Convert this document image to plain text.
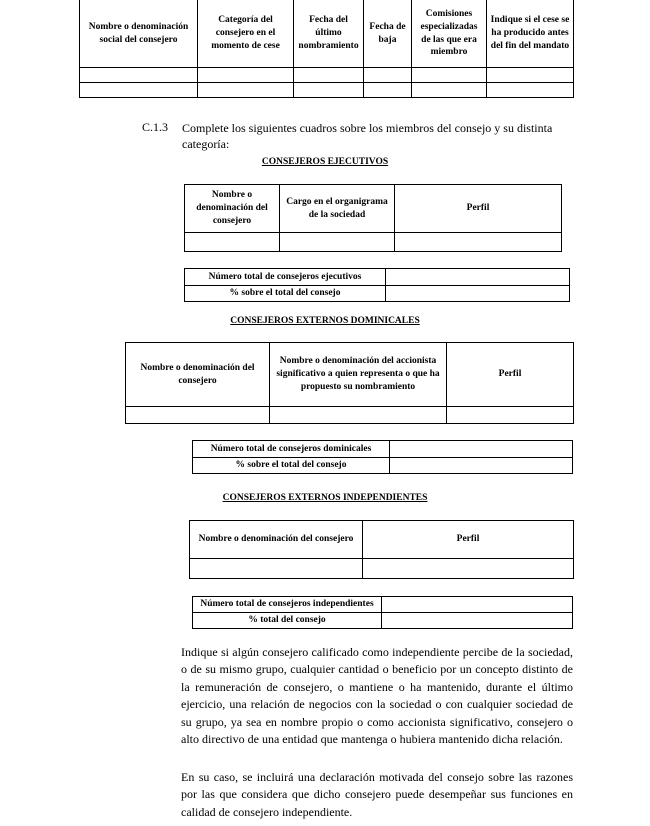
Nombre o denominación social del consejero	Categoría del consejero en el momento de cese	Fecha del último nombramiento	Fecha de baja	Comisiones especializadas de las que era miembro	Indique si el cese se ha producido antes del fin del mandato

C.1.3 Complete los siguientes cuadros sobre los miembros del consejo y su distinta categoría:
CONSEJEROS EJECUTIVOS
Nombre o denominación del consejero	Cargo en el organigrama de la sociedad	Perfil

Número total de consejeros ejecutivos	
% sobre el total del consejo	
CONSEJEROS EXTERNOS DOMINICALES
Nombre o denominación del consejero	Nombre o denominación del accionista significativo a quien representa o que ha propuesto su nombramiento	Perfil

Número total de consejeros dominicales	
% sobre el total del consejo	
CONSEJEROS EXTERNOS INDEPENDIENTES
Nombre o denominación del consejero	Perfil

Número total de consejeros independientes	
% total del consejo	
Indique si algún consejero calificado como independiente percibe de la sociedad, o de su mismo grupo, cualquier cantidad o beneficio por un concepto distinto de la remuneración de consejero, o mantiene o ha mantenido, durante el último ejercicio, una relación de negocios con la sociedad o con cualquier sociedad de su grupo, ya sea en nombre propio o como accionista significativo, consejero o alto directivo de una entidad que mantenga o hubiera mantenido dicha relación.
En su caso, se incluirá una declaración motivada del consejo sobre las razones por las que considera que dicho consejero puede desempeñar sus funciones en calidad de consejero independiente.
